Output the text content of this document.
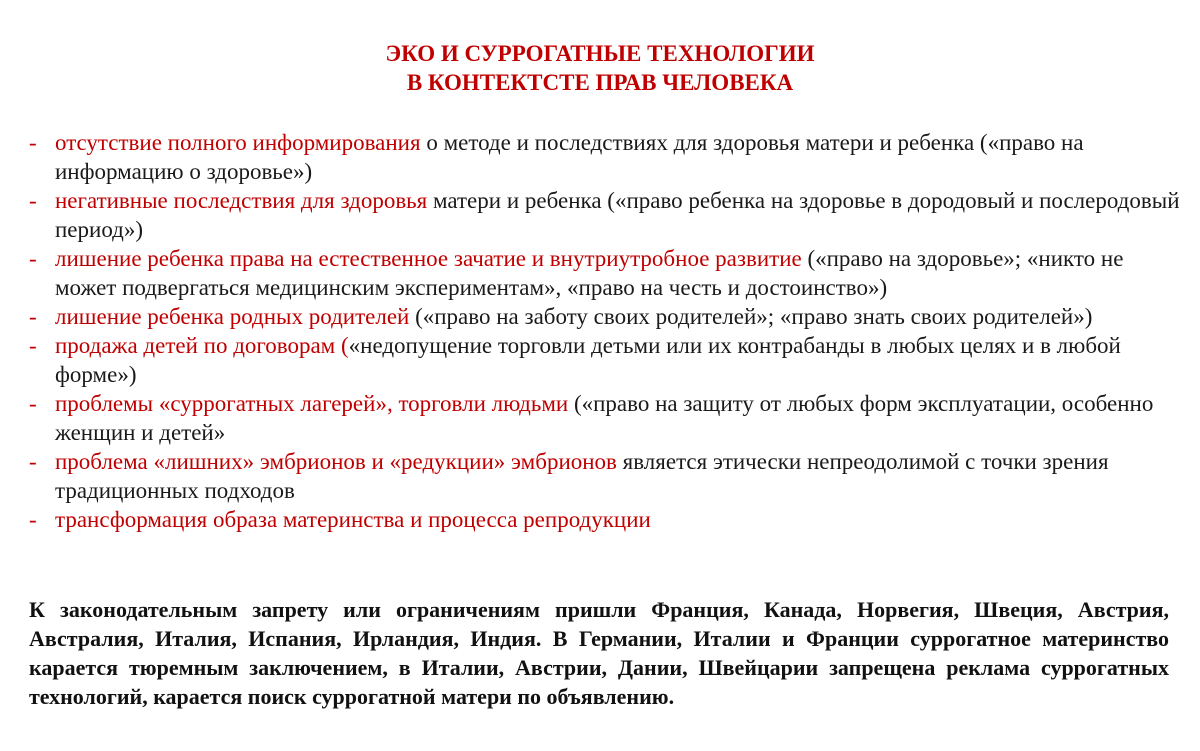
ЭКО И СУРРОГАТНЫЕ ТЕХНОЛОГИИ
В КОНТЕКТСТЕ ПРАВ ЧЕЛОВЕКА
- отсутствие полного информирования о методе и последствиях для здоровья матери и ребенка («право на информацию о здоровье»)
- негативные последствия для здоровья матери и ребенка («право ребенка на здоровье в дородовый и послеродовый период»)
- лишение ребенка права на естественное зачатие и внутриутробное развитие («право на здоровье»; «никто не может подвергаться медицинским экспериментам», «право на честь и достоинство»)
- лишение ребенка родных родителей («право на заботу своих родителей»; «право знать своих родителей»)
- продажа детей по договорам («недопущение торговли детьми или их контрабанды в любых целях и в любой форме»)
- проблемы «суррогатных лагерей», торговли людьми («право на защиту от любых форм эксплуатации, особенно женщин и детей»
- проблема «лишних» эмбрионов и «редукции» эмбрионов является этически непреодолимой с точки зрения традиционных подходов
- трансформация образа материнства и процесса репродукции

К законодательным запрету или ограничениям пришли Франция, Канада, Норвегия, Швеция, Австрия, Австралия, Италия, Испания, Ирландия, Индия. В Германии, Италии и Франции суррогатное материнство карается тюремным заключением, в Италии, Австрии, Дании, Швейцарии запрещена реклама суррогатных технологий, карается поиск суррогатной матери по объявлению.
